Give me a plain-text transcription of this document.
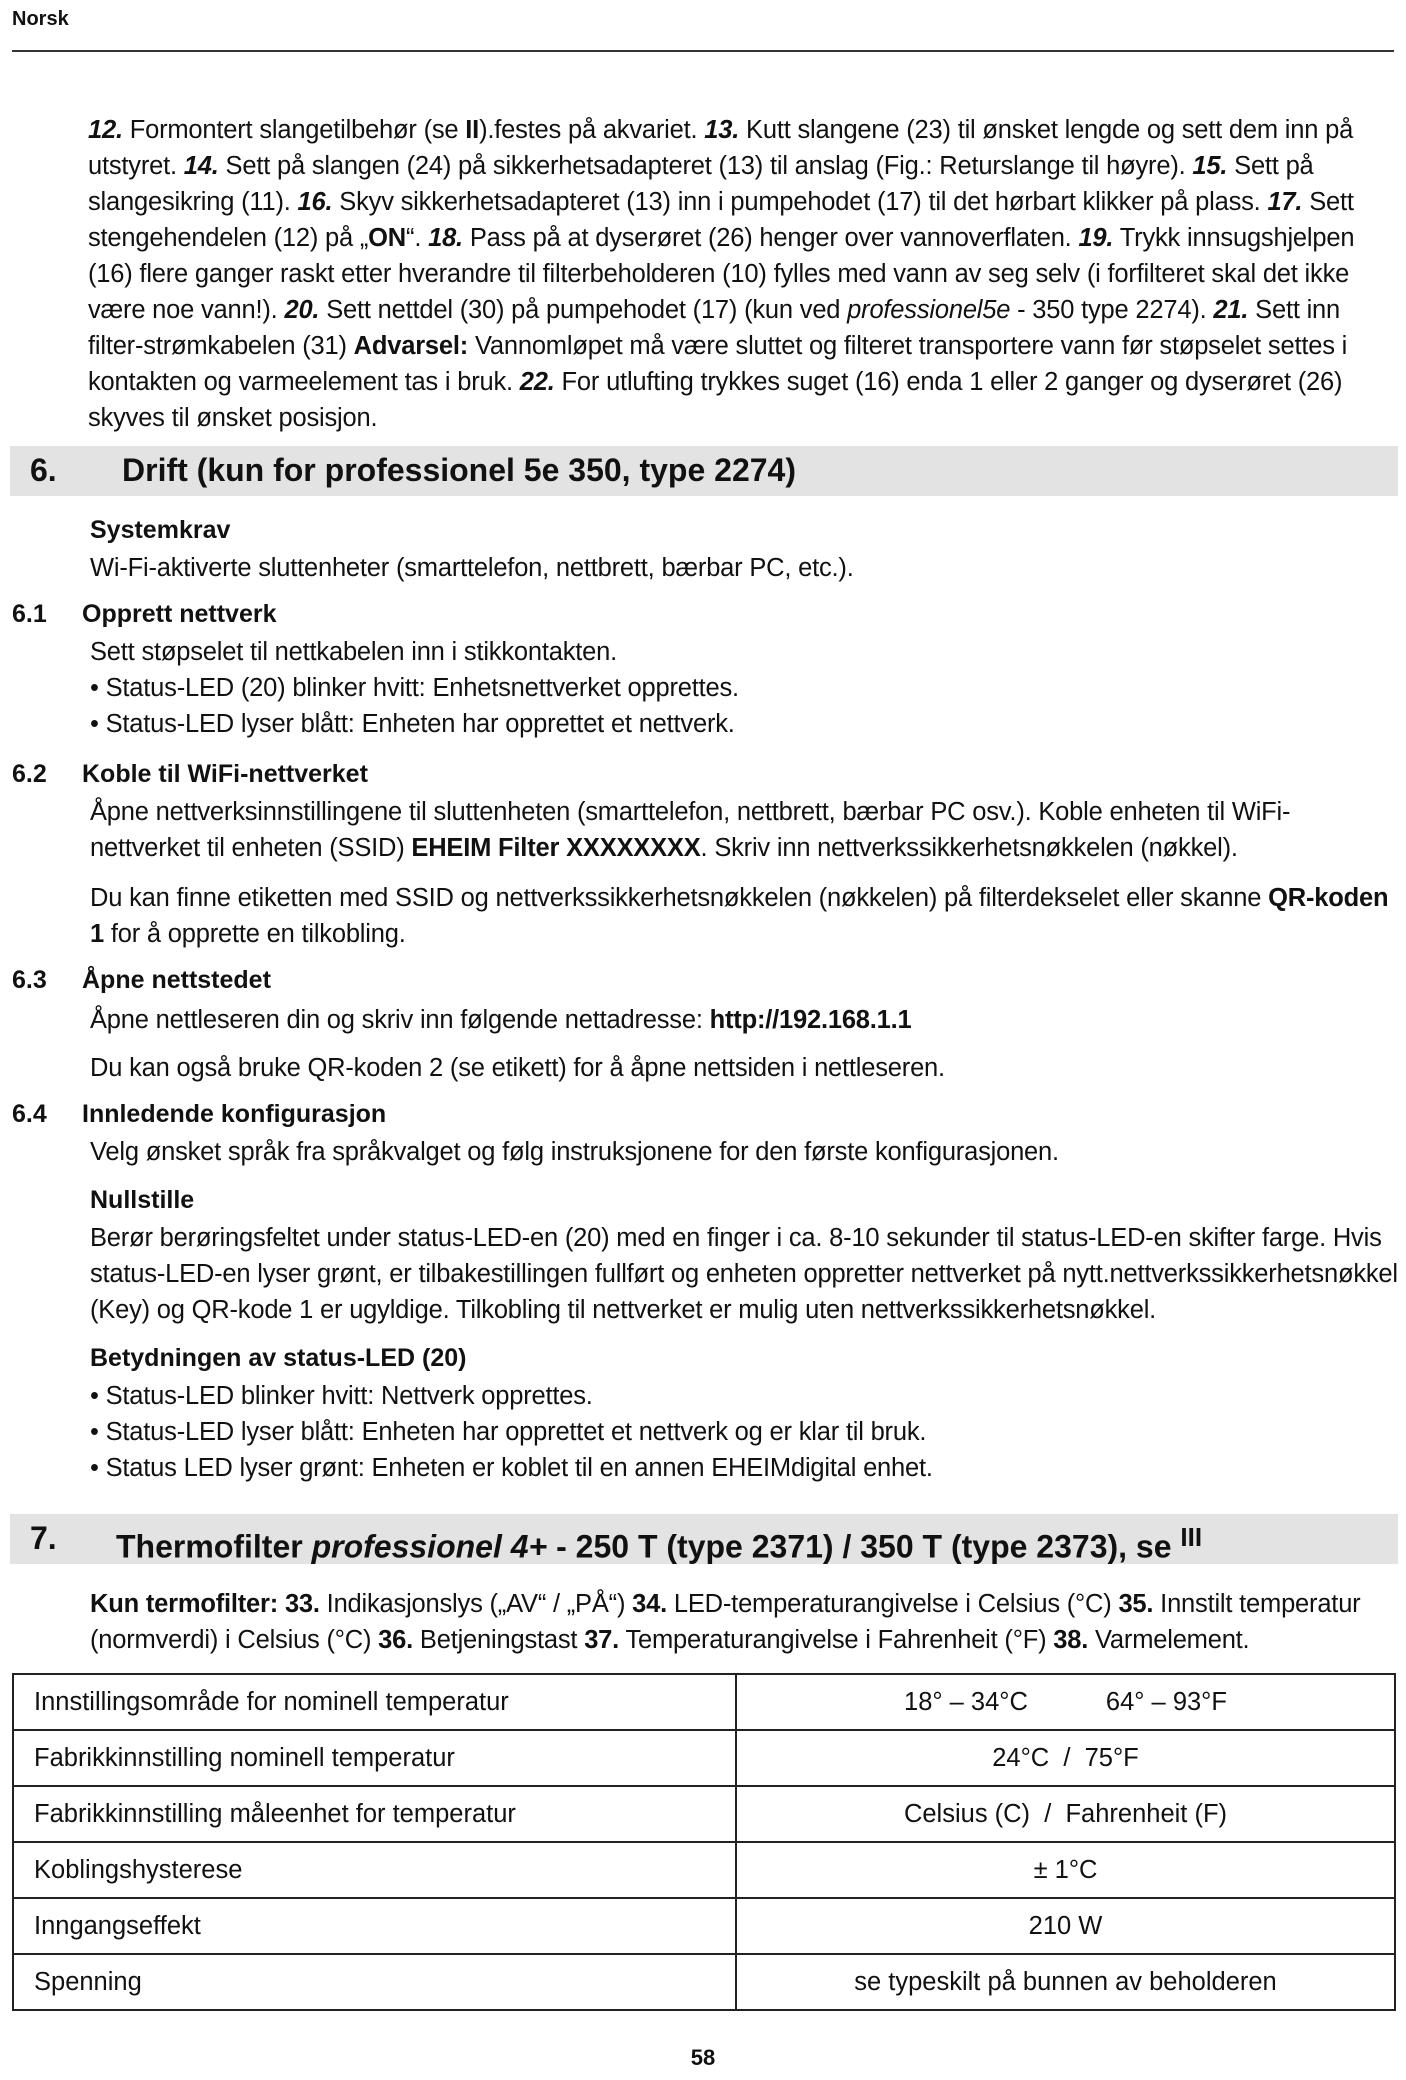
Norsk
12. Formontert slangetilbehør (se II).festes på akvariet. 13. Kutt slangene (23) til ønsket lengde og sett dem inn på utstyret. 14. Sett på slangen (24) på sikkerhetsadapteret (13) til anslag (Fig.: Returslange til høyre). 15. Sett på slangesikring (11). 16. Skyv sikkerhetsadapteret (13) inn i pumpehodet (17) til det hørbart klikker på plass. 17. Sett stengehendelen (12) på „ON“. 18. Pass på at dyserøret (26) henger over vannoverflaten. 19. Trykk innsugshjelpen (16) flere ganger raskt etter hverandre til filterbeholderen (10) fylles med vann av seg selv (i forfilteret skal det ikke være noe vann!). 20. Sett nettdel (30) på pumpehodet (17) (kun ved professionel5e - 350 type 2274). 21. Sett inn filter-strømkabelen (31) Advarsel: Vannomløpet må være sluttet og filteret transportere vann før støpselet settes i kontakten og varmeelement tas i bruk. 22. For utlufting trykkes suget (16) enda 1 eller 2 ganger og dyserøret (26) skyves til ønsket posisjon.
6. Drift (kun for professionel 5e 350, type 2274)
Systemkrav
Wi-Fi-aktiverte sluttenheter (smarttelefon, nettbrett, bærbar PC, etc.).
6.1 Opprett nettverk
Sett støpselet til nettkabelen inn i stikkontakten.
• Status-LED (20) blinker hvitt: Enhetsnettverket opprettes.
• Status-LED lyser blått: Enheten har opprettet et nettverk.
6.2 Koble til WiFi-nettverket
Åpne nettverksinnstillingene til sluttenheten (smarttelefon, nettbrett, bærbar PC osv.). Koble enheten til WiFi-nettverket til enheten (SSID) EHEIM Filter XXXXXXXX. Skriv inn nettverkssikkerhetsnøkkelen (nøkkel).
Du kan finne etiketten med SSID og nettverkssikkerhetsnøkkelen (nøkkelen) på filterdekselet eller skanne QR-koden 1 for å opprette en tilkobling.
6.3 Åpne nettstedet
Åpne nettleseren din og skriv inn følgende nettadresse: http://192.168.1.1
Du kan også bruke QR-koden 2 (se etikett) for å åpne nettsiden i nettleseren.
6.4 Innledende konfigurasjon
Velg ønsket språk fra språkvalget og følg instruksjonene for den første konfigurasjonen.
Nullstille
Berør berøringsfeltet under status-LED-en (20) med en finger i ca. 8-10 sekunder til status-LED-en skifter farge. Hvis status-LED-en lyser grønt, er tilbakestillingen fullført og enheten oppretter nettverket på nytt.nettverkssikkerhetsnøkkel (Key) og QR-kode 1 er ugyldige. Tilkobling til nettverket er mulig uten nettverkssikkerhetsnøkkel.
Betydningen av status-LED (20)
• Status-LED blinker hvitt: Nettverk opprettes.
• Status-LED lyser blått: Enheten har opprettet et nettverk og er klar til bruk.
• Status LED lyser grønt: Enheten er koblet til en annen EHEIMdigital enhet.
7. Thermofilter professionel 4+ - 250 T (type 2371) / 350 T (type 2373), se $^{III}$
Kun termofilter: 33. Indikasjonslys („AV“ / „PÅ“) 34. LED-temperaturangivelse i Celsius (°C) 35. Innstilt temperatur (normverdi) i Celsius (°C) 36. Betjeningstast 37. Temperaturangivelse i Fahrenheit (°F) 38. Varmelement.
Innstillingsområde for nominell temperatur	18° – 34°C 64° – 93°F
Fabrikkinnstilling nominell temperatur	24°C  /  75°F
Fabrikkinnstilling måleenhet for temperatur	Celsius (C)  /  Fahrenheit (F)
Koblingshysterese	± 1°C
Inngangseffekt	210 W
Spenning	se typeskilt på bunnen av beholderen
58
